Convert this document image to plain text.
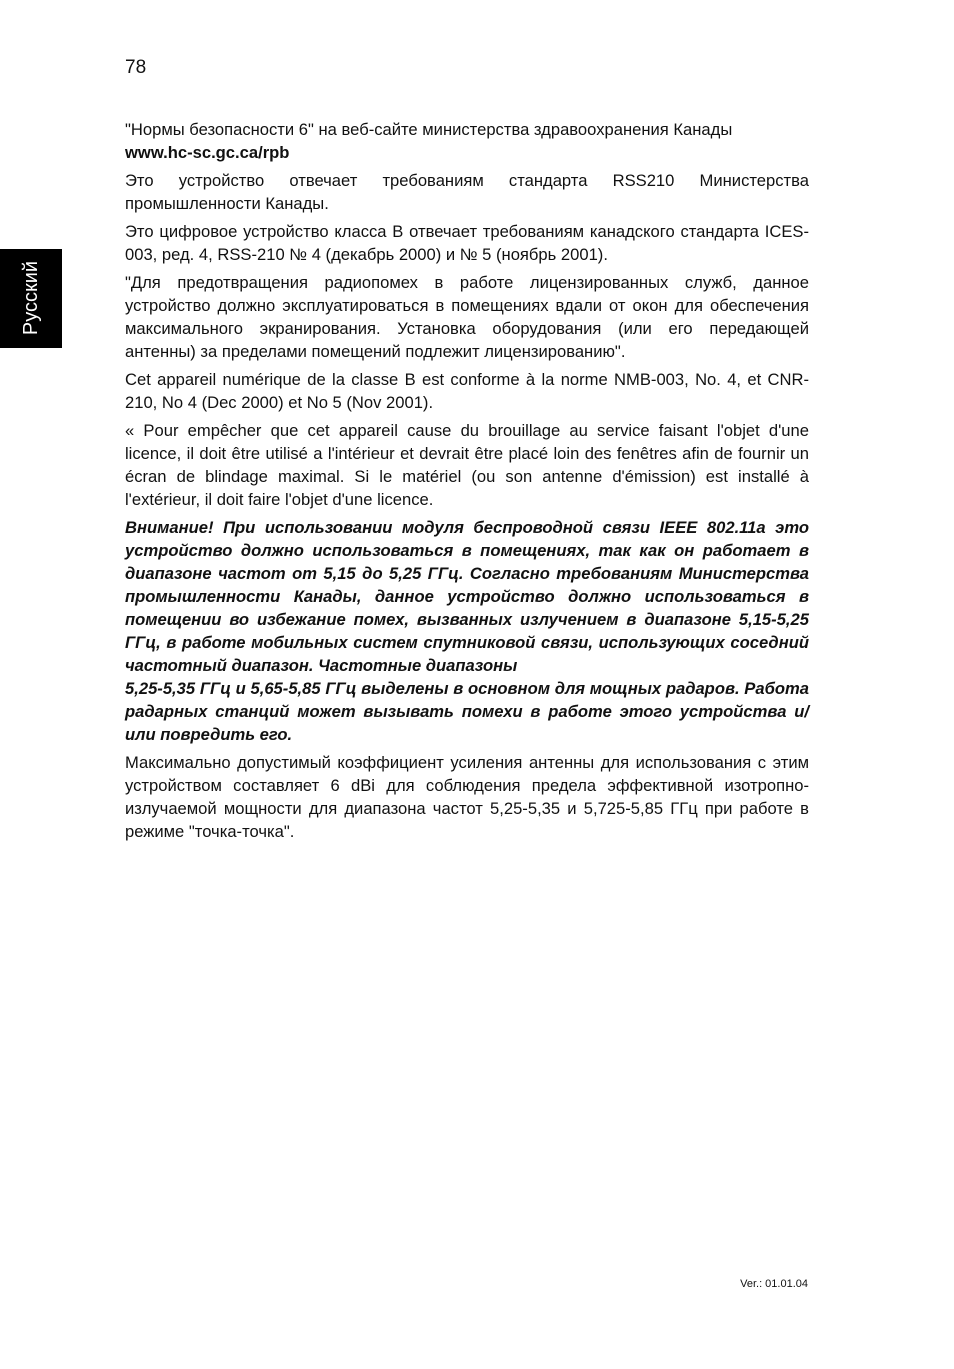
78
Русский

"Нормы безопасности 6" на веб-сайте министерства здравоохранения Канады
www.hc-sc.gc.ca/rpb

Это устройство отвечает требованиям стандарта RSS210 Министерства промышленности Канады.

Это цифровое устройство класса B отвечает требованиям канадского стандарта ICES-003, ред. 4, RSS-210 № 4 (декабрь 2000) и № 5 (ноябрь 2001).

"Для предотвращения радиопомех в работе лицензированных служб, данное устройство должно эксплуатироваться в помещениях вдали от окон для обеспечения максимального экранирования. Установка оборудования (или его передающей антенны) за пределами помещений подлежит лицензированию".

Cet appareil numérique de la classe B est conforme à la norme NMB-003, No. 4, et CNR-210, No 4 (Dec 2000) et No 5 (Nov 2001).

« Pour empêcher que cet appareil cause du brouillage au service faisant l'objet d'une licence, il doit être utilisé a l'intérieur et devrait être placé loin des fenêtres afin de fournir un écran de blindage maximal. Si le matériel (ou son antenne d'émission) est installé à l'extérieur, il doit faire l'objet d'une licence.

Внимание! При использовании модуля беспроводной связи IEEE 802.11a это устройство должно использоваться в помещениях, так как он работает в диапазоне частот от 5,15 до 5,25 ГГц. Согласно требованиям Министерства промышленности Канады, данное устройство должно использоваться в помещении во избежание помех, вызванных излучением в диапазоне 5,15-5,25 ГГц, в работе мобильных систем спутниковой связи, использующих соседний частотный диапазон. Частотные диапазоны
5,25-5,35 ГГц и 5,65-5,85 ГГц выделены в основном для мощных радаров. Работа радарных станций может вызывать помехи в работе этого устройства и/или повредить его.

Максимально допустимый коэффициент усиления антенны для использования с этим устройством составляет 6 dBi для соблюдения предела эффективной изотропно-излучаемой мощности для диапазона частот 5,25-5,35 и 5,725-5,85 ГГц при работе в режиме "точка-точка".

Ver.: 01.01.04
